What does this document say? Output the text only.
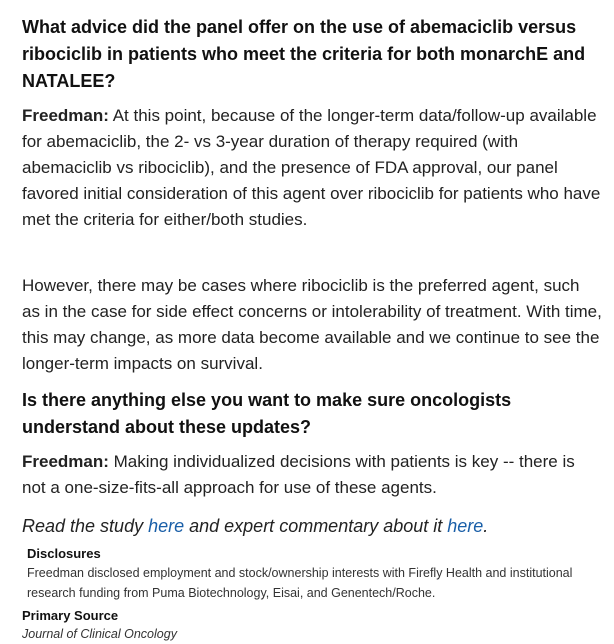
What advice did the panel offer on the use of abemaciclib versus ribociclib in patients who meet the criteria for both monarchE and NATALEE?

Freedman: At this point, because of the longer-term data/follow-up available for abemaciclib, the 2- vs 3-year duration of therapy required (with abemaciclib vs ribociclib), and the presence of FDA approval, our panel favored initial consideration of this agent over ribociclib for patients who have met the criteria for either/both studies.

However, there may be cases where ribociclib is the preferred agent, such as in the case for side effect concerns or intolerability of treatment. With time, this may change, as more data become available and we continue to see the longer-term impacts on survival.

Is there anything else you want to make sure oncologists understand about these updates?

Freedman: Making individualized decisions with patients is key -- there is not a one-size-fits-all approach for use of these agents.

Read the study here and expert commentary about it here.

Disclosures

Freedman disclosed employment and stock/ownership interests with Firefly Health and institutional research funding from Puma Biotechnology, Eisai, and Genentech/Roche.

Primary Source

Journal of Clinical Oncology
